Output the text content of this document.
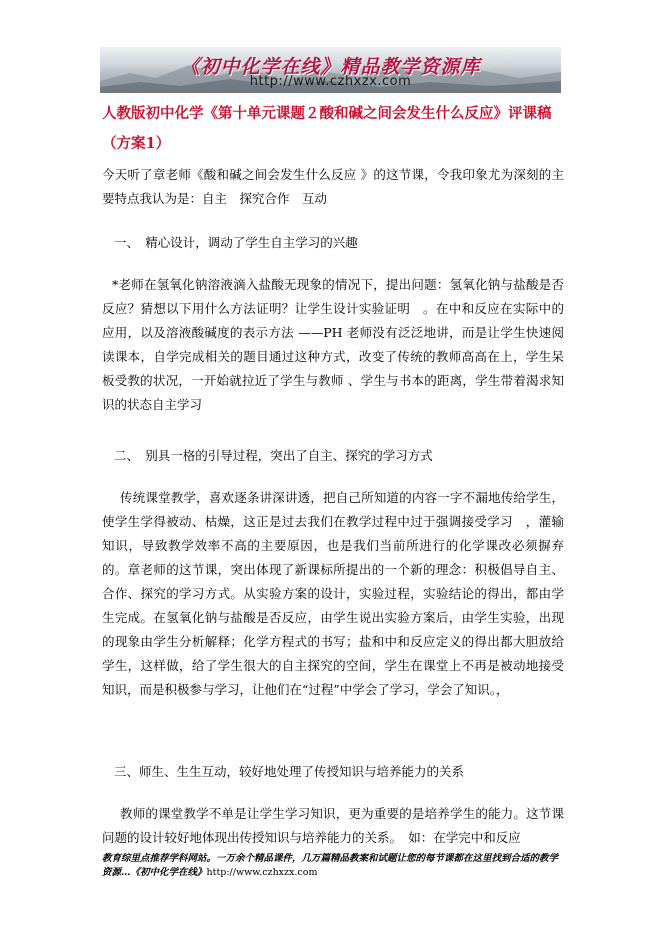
《初中化学在线》精品教学资源库
http://www.czhxzx.com

人教版初中化学《第十单元课题２酸和碱之间会发生什么反应》评课稿（方案1）

今天听了章老师《酸和碱之间会发生什么反应 》的这节课，令我印象尤为深刻的主要特点我认为是：自主　探究合作　互动

一、　精心设计，调动了学生自主学习的兴趣

*老师在氢氧化钠溶液滴入盐酸无现象的情况下，提出问题：氢氧化钠与盐酸是否反应？猜想以下用什么方法证明？让学生设计实验证明　。在中和反应在实际中的应用，以及溶液酸碱度的表示方法 ——PH 老师没有泛泛地讲，而是让学生快速阅读课本，自学完成相关的题目通过这种方式，改变了传统的教师高高在上，学生呆板受教的状况，一开始就拉近了学生与教师 、学生与书本的距离，学生带着渴求知识的状态自主学习

二、　别具一格的引导过程，突出了自主、探究的学习方式

传统课堂教学，喜欢逐条讲深讲透，把自己所知道的内容一字不漏地传给学生，使学生学得被动、枯燥，这正是过去我们在教学过程中过于强调接受学习　，灌输知识，导致教学效率不高的主要原因，也是我们当前所进行的化学课改必须摒弃的。章老师的这节课，突出体现了新课标所提出的一个新的理念：积极倡导自主、合作、探究的学习方式。从实验方案的设计，实验过程，实验结论的得出，都由学生完成。在氢氧化钠与盐酸是否反应，由学生说出实验方案后，由学生实验，出现的现象由学生分析解释；化学方程式的书写；盐和中和反应定义的得出都大胆放给学生，这样做，给了学生很大的自主探究的空间，学生在课堂上不再是被动地接受知识，而是积极参与学习，让他们在“过程”中学会了学习，学会了知识。，

三、师生、生生互动，较好地处理了传授知识与培养能力的关系

教师的课堂教学不单是让学生学习知识，更为重要的是培养学生的能力。这节课问题的设计较好地体现出传授知识与培养能力的关系。　如：在学完中和反应

教育综里点推荐学科网站。一万余个精品课件，几万篇精品教案和试题让您的每节课都在这里找到合适的教学资源…《初中化学在线》http://www.czhxzx.com
